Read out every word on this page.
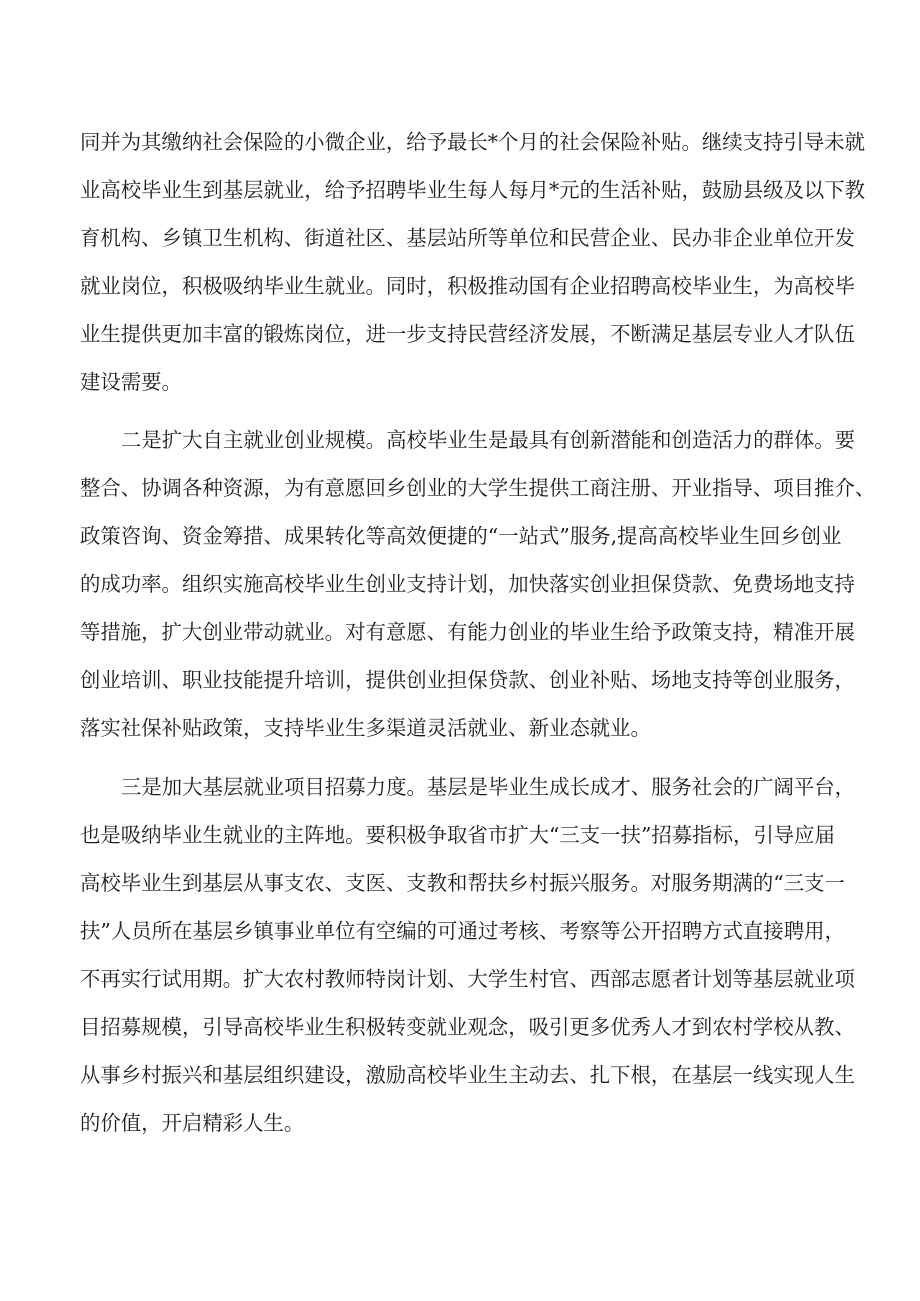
同并为其缴纳社会保险的小微企业，给予最长*个月的社会保险补贴。继续支持引导未就

业高校毕业生到基层就业，给予招聘毕业生每人每月*元的生活补贴，鼓励县级及以下教

育机构、乡镇卫生机构、街道社区、基层站所等单位和民营企业、民办非企业单位开发

就业岗位，积极吸纳毕业生就业。同时，积极推动国有企业招聘高校毕业生，为高校毕

业生提供更加丰富的锻炼岗位，进一步支持民营经济发展，不断满足基层专业人才队伍

建设需要。

二是扩大自主就业创业规模。高校毕业生是最具有创新潜能和创造活力的群体。要

整合、协调各种资源，为有意愿回乡创业的大学生提供工商注册、开业指导、项目推介、

政策咨询、资金筹措、成果转化等高效便捷的“一站式”服务,提高高校毕业生回乡创业

的成功率。组织实施高校毕业生创业支持计划，加快落实创业担保贷款、免费场地支持

等措施，扩大创业带动就业。对有意愿、有能力创业的毕业生给予政策支持，精准开展

创业培训、职业技能提升培训，提供创业担保贷款、创业补贴、场地支持等创业服务，

落实社保补贴政策，支持毕业生多渠道灵活就业、新业态就业。

三是加大基层就业项目招募力度。基层是毕业生成长成才、服务社会的广阔平台，

也是吸纳毕业生就业的主阵地。要积极争取省市扩大“三支一扶”招募指标，引导应届

高校毕业生到基层从事支农、支医、支教和帮扶乡村振兴服务。对服务期满的“三支一

扶”人员所在基层乡镇事业单位有空编的可通过考核、考察等公开招聘方式直接聘用，

不再实行试用期。扩大农村教师特岗计划、大学生村官、西部志愿者计划等基层就业项

目招募规模，引导高校毕业生积极转变就业观念，吸引更多优秀人才到农村学校从教、

从事乡村振兴和基层组织建设，激励高校毕业生主动去、扎下根，在基层一线实现人生

的价值，开启精彩人生。
